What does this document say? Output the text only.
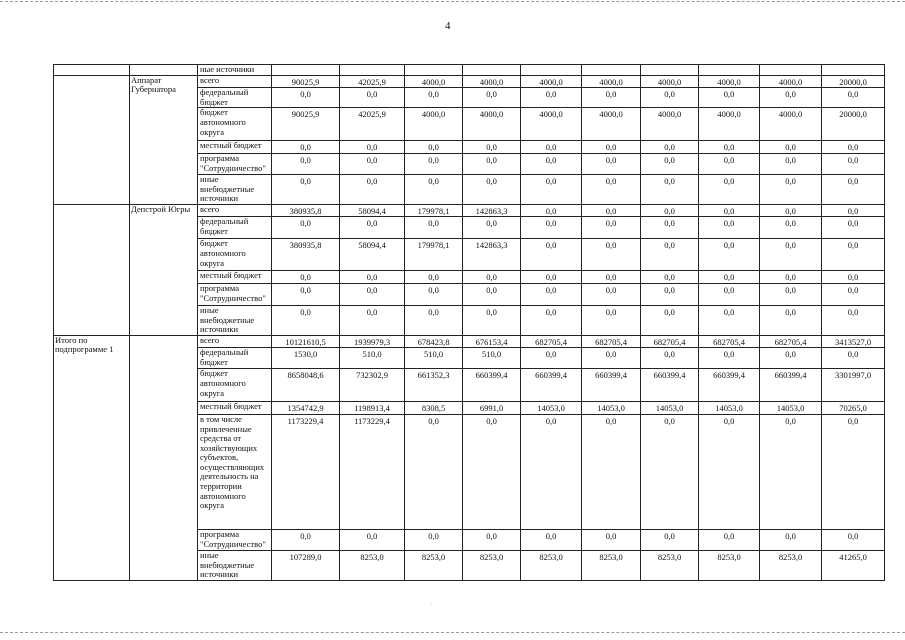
4
		ные источники										
	Аппарат Губернатора	всего	90025,9	42025,9	4000,0	4000,0	4000,0	4000,0	4000,0	4000,0	4000,0	20000,0
		федеральный бюджет	0,0	0,0	0,0	0,0	0,0	0,0	0,0	0,0	0,0	0,0
		бюджет автономного округа	90025,9	42025,9	4000,0	4000,0	4000,0	4000,0	4000,0	4000,0	4000,0	20000,0
		местный бюджет	0,0	0,0	0,0	0,0	0,0	0,0	0,0	0,0	0,0	0,0
		программа "Сотрудничество"	0,0	0,0	0,0	0,0	0,0	0,0	0,0	0,0	0,0	0,0
		иные внебюджетные источники	0,0	0,0	0,0	0,0	0,0	0,0	0,0	0,0	0,0	0,0
	Депстрой Югры	всего	380935,8	58094,4	179978,1	142863,3	0,0	0,0	0,0	0,0	0,0	0,0
		федеральный бюджет	0,0	0,0	0,0	0,0	0,0	0,0	0,0	0,0	0,0	0,0
		бюджет автономного округа	380935,8	58094,4	179978,1	142863,3	0,0	0,0	0,0	0,0	0,0	0,0
		местный бюджет	0,0	0,0	0,0	0,0	0,0	0,0	0,0	0,0	0,0	0,0
		программа "Сотрудничество"	0,0	0,0	0,0	0,0	0,0	0,0	0,0	0,0	0,0	0,0
		иные внебюджетные источники	0,0	0,0	0,0	0,0	0,0	0,0	0,0	0,0	0,0	0,0
Итого по подпрограмме 1		всего	10121610,5	1939979,3	678423,8	676153,4	682705,4	682705,4	682705,4	682705,4	682705,4	3413527,0
		федеральный бюджет	1530,0	510,0	510,0	510,0	0,0	0,0	0,0	0,0	0,0	0,0
		бюджет автономного округа	8658048,6	732302,9	661352,3	660399,4	660399,4	660399,4	660399,4	660399,4	660399,4	3301997,0
		местный бюджет	1354742,9	1198913,4	8308,5	6991,0	14053,0	14053,0	14053,0	14053,0	14053,0	70265,0
		в том числе привлеченные средства от хозяйствующих субъектов, осуществляющих деятельность на территории автономного округа	1173229,4	1173229,4	0,0	0,0	0,0	0,0	0,0	0,0	0,0	0,0
		программа "Сотрудничество"	0,0	0,0	0,0	0,0	0,0	0,0	0,0	0,0	0,0	0,0
		иные внебюджетные источники	107289,0	8253,0	8253,0	8253,0	8253,0	8253,0	8253,0	8253,0	8253,0	41265,0
·
